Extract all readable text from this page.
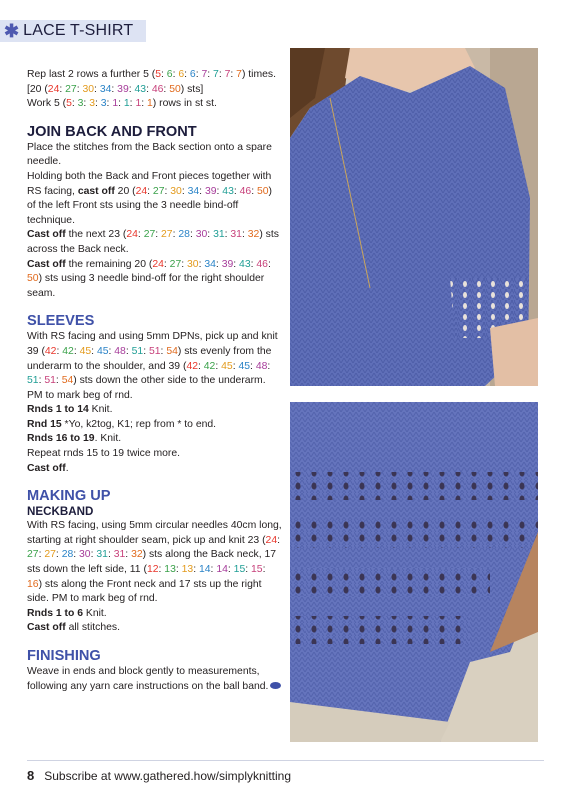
✱ LACE T-SHIRT

Rep last 2 rows a further 5 (5: 6: 6: 6: 7: 7: 7: 7) times. [20 (24: 27: 30: 34: 39: 43: 46: 50) sts]
Work 5 (5: 3: 3: 3: 1: 1: 1: 1) rows in st st.

JOIN BACK AND FRONT

Place the stitches from the Back section onto a spare needle.

Holding both the Back and Front pieces together with RS facing, cast off 20 (24: 27: 30: 34: 39: 43: 46: 50) of the left Front sts using the 3 needle bind-off technique.

Cast off the next 23 (24: 27: 27: 28: 30: 31: 31: 32) sts across the Back neck.

Cast off the remaining 20 (24: 27: 30: 34: 39: 43: 46: 50) sts using 3 needle bind-off for the right shoulder seam.

SLEEVES

With RS facing and using 5mm DPNs, pick up and knit 39 (42: 42: 45: 45: 48: 51: 51: 54) sts evenly from the underarm to the shoulder, and 39 (42: 42: 45: 45: 48: 51: 51: 54) sts down the other side to the underarm. PM to mark beg of rnd.

Rnds 1 to 14 Knit.

Rnd 15 *Yo, k2tog, K1; rep from * to end.

Rnds 16 to 19. Knit.

Repeat rnds 15 to 19 twice more.

Cast off.

MAKING UP
NECKBAND

With RS facing, using 5mm circular needles 40cm long, starting at right shoulder seam, pick up and knit 23 (24: 27: 27: 28: 30: 31: 31: 32) sts along the Back neck, 17 sts down the left side, 11 (12: 13: 13: 14: 14: 15: 15: 16) sts along the Front neck and 17 sts up the right side. PM to mark beg of rnd.

Rnds 1 to 6 Knit.

Cast off all stitches.

FINISHING

Weave in ends and block gently to measurements, following any yarn care instructions on the ball band.

8 Subscribe at www.gathered.how/simplyknitting
PassionForum.ru
